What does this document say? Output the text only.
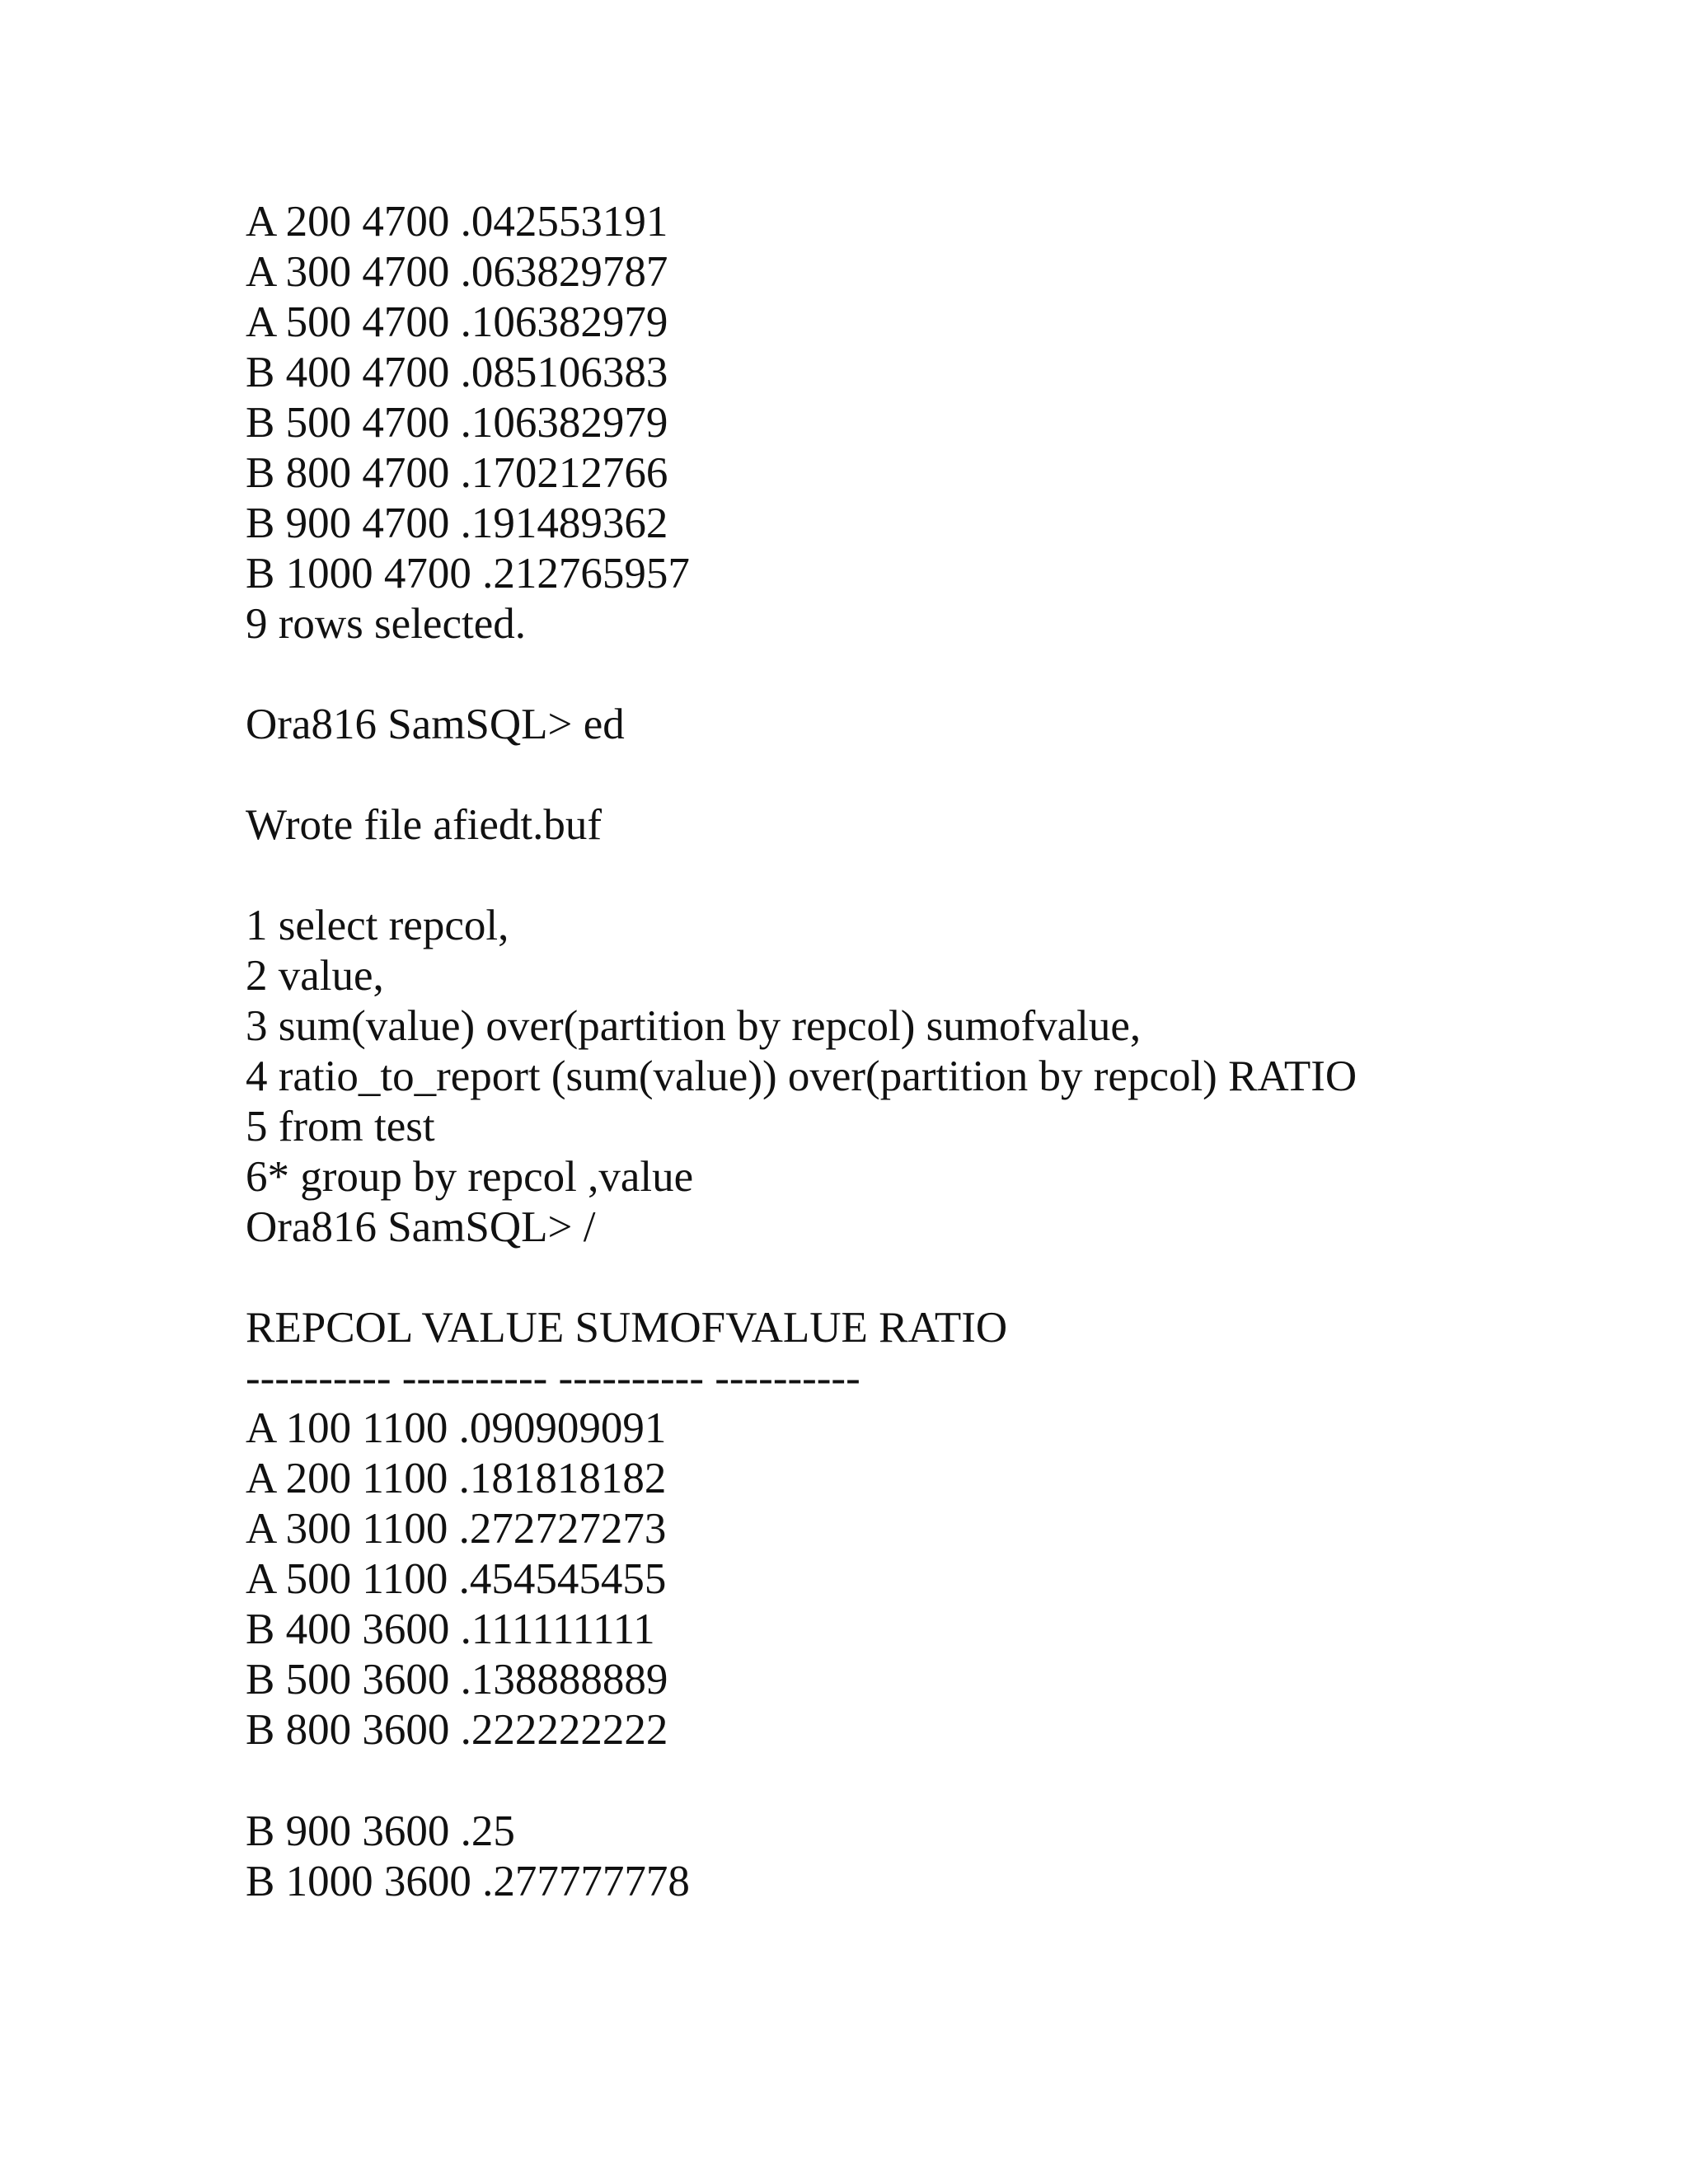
A 200 4700 .042553191
A 300 4700 .063829787
A 500 4700 .106382979
B 400 4700 .085106383
B 500 4700 .106382979
B 800 4700 .170212766
B 900 4700 .191489362
B 1000 4700 .212765957
9 rows selected.
Ora816 SamSQL> ed
Wrote file afiedt.buf
1 select repcol,
2 value,
3 sum(value) over(partition by repcol) sumofvalue,
4 ratio_to_report (sum(value)) over(partition by repcol) RATIO
5 from test
6* group by repcol ,value
Ora816 SamSQL> /
REPCOL VALUE SUMOFVALUE RATIO
---------- ---------- ---------- ----------
A 100 1100 .090909091
A 200 1100 .181818182
A 300 1100 .272727273
A 500 1100 .454545455
B 400 3600 .111111111
B 500 3600 .138888889
B 800 3600 .222222222
B 900 3600 .25
B 1000 3600 .277777778
